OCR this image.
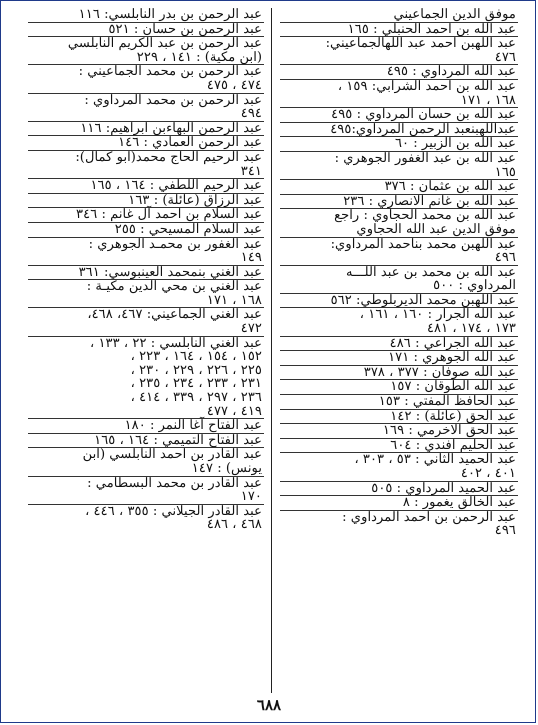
موفق الدين الجماعيني
عبد الله بن احمد الحنبلي : ١٦٥
عبد اللهبن احمد عبد اللهالجماعيني:
٤٧٦
عبد الله المرداوي : ٤٩٥
عبد الله بن احمد الشرابي: ١٥٩ ،
١٦٨ ، ١٧١
عبد الله بن حسان المرداوي : ٤٩٥
عبداللهبنعبد الرحمن المرداوي:٤٩٥
عبد الله بن الزبير : ٦٠
عبد الله بن عبد الغفور الجوهري :
١٦٥
عبد الله بن عثمان : ٣٧٦
عبد الله بن غانم الانصاري : ٢٣٦
عبد الله بن محمد الحجاوي : راجع
موفق الدين عبد الله الحجاوي
عبد اللهبن محمد بناحمد المرداوي:
٤٩٦
عبد الله بن محمد بن عبد اللـــه
المرداوي : ٥٠٠
عبد اللهبن محمد الديربلوطي: ٥٦٢
عبد الله الجرار : ١٦٠ ، ١٦١ ،
١٧٣ ، ١٧٤ ، ٤٨١
عبد الله الجراعي : ٤٨٦
عبد الله الجوهري : ١٧١
عبد الله صوفان : ٣٧٧ ، ٣٧٨
عبد الله الطوقان : ١٥٧
عبد الحافظ المفتي : ١٥٣
عبد الحق (عائلة) : ١٤٢
عبد الحق الاخرمي : ١٦٩
عبد الحليم افندي : ٦٠٤
عبد الحميد الثاني : ٥٣ ، ٣٠٣ ،
٤٠١ ، ٤٠٢
عبد الحميد المرداوي : ٥٠٥
عبد الخالق يغمور : ٨
عبد الرحمن بن احمد المرداوي :
٤٩٦
عبد الرحمن بن بدر النابلسي: ١١٦
عبد الرحمن بن حسان : ٥٢١
عبد الرحمن بن عبد الكريم النابلسي
(ابن مكية) : ١٤١ ، ٢٢٩
عبد الرحمن بن محمد الجماعيني :
٤٧٤ ، ٤٧٥
عبد الرحمن بن محمد المرداوي :
٤٩٤
عبد الرحمن البهاءبن ابراهيم: ١١٦
عبد الرحمن العمادي : ١٤٦
عبد الرحيم الحاج محمد(ابو كمال):
٣٤١
عبد الرحيم اللطفي : ١٦٤ ، ١٦٥
عبد الرزاق (عائلة) : ١٦٣
عبد السلام بن احمد آل غانم : ٣٤٦
عبد السلام المسيحي : ٢٥٥
عبد الغفور بن محمـد الجوهري :
١٤٩
عبد الغني بنمحمد العينبوسي: ٣٦١
عبد الغني بن محي الدين مكيـة :
١٦٨ ، ١٧١
عبد الغني الجماعيني: ٤٦٧، ٤٦٨،
٤٧٢
عبد الغني النابلسي : ٢٢ ، ١٣٣ ،
١٥٢ ، ١٥٤ ، ١٦٤ ، ٢٢٣ ،
٢٢٥ ، ٢٢٦ ، ٢٢٩ ، ٢٣٠ ،
٢٣١ ، ٢٣٣ ، ٢٣٤ ، ٢٣٥ ،
٢٣٦ ، ٢٩٧ ، ٣٣٩ ، ٤١٤ ،
٤١٩ ، ٤٧٧
عبد الفتاح آغا النمر : ١٨٠
عبد الفتاح التميمي : ١٦٤ ، ١٦٥
عبد القادر بن احمد النابلسي (ابن
يونس) : ١٤٧
عبد القادر بن محمد البسطامي :
١٧٠
عبد القادر الجيلاني : ٣٥٥ ، ٤٤٦ ،
٤٦٨ ، ٤٨٦
٦٨٨
